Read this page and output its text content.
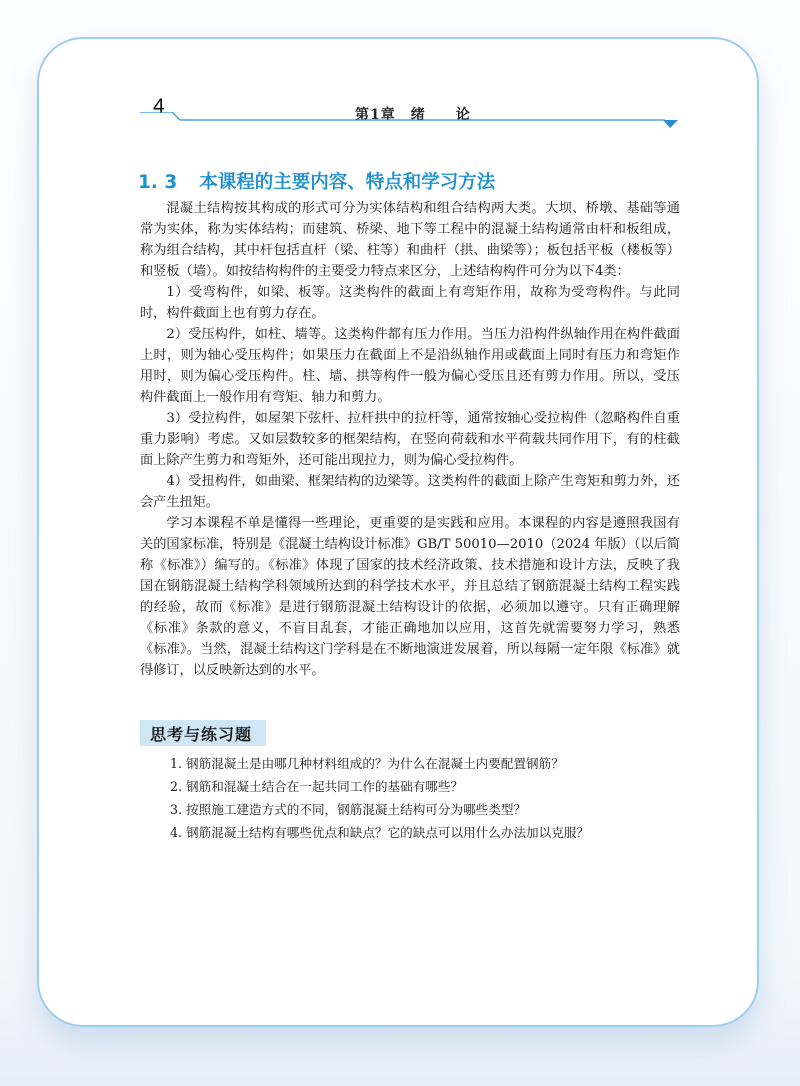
4	第1章　绪　　论
1. 3 本课程的主要内容、特点和学习方法

混凝土结构按其构成的形式可分为实体结构和组合结构两大类。大坝、桥墩、基础等通常为实体，称为实体结构；而建筑、桥梁、地下等工程中的混凝土结构通常由杆和板组成，称为组合结构，其中杆包括直杆（梁、柱等）和曲杆（拱、曲梁等）；板包括平板（楼板等）和竖板（墙）。如按结构构件的主要受力特点来区分，上述结构构件可分为以下4类：

1）受弯构件，如梁、板等。这类构件的截面上有弯矩作用，故称为受弯构件。与此同时，构件截面上也有剪力存在。

2）受压构件，如柱、墙等。这类构件都有压力作用。当压力沿构件纵轴作用在构件截面上时，则为轴心受压构件；如果压力在截面上不是沿纵轴作用或截面上同时有压力和弯矩作用时，则为偏心受压构件。柱、墙、拱等构件一般为偏心受压且还有剪力作用。所以，受压构件截面上一般作用有弯矩、轴力和剪力。

3）受拉构件，如屋架下弦杆、拉杆拱中的拉杆等，通常按轴心受拉构件（忽略构件自重重力影响）考虑。又如层数较多的框架结构，在竖向荷载和水平荷载共同作用下，有的柱截面上除产生剪力和弯矩外，还可能出现拉力，则为偏心受拉构件。

4）受扭构件，如曲梁、框架结构的边梁等。这类构件的截面上除产生弯矩和剪力外，还会产生扭矩。

学习本课程不单是懂得一些理论，更重要的是实践和应用。本课程的内容是遵照我国有关的国家标准，特别是《混凝土结构设计标准》GB/T 50010—2010（2024 年版）（以后简称《标准》）编写的。《标准》体现了国家的技术经济政策、技术措施和设计方法，反映了我国在钢筋混凝土结构学科领域所达到的科学技术水平，并且总结了钢筋混凝土结构工程实践的经验，故而《标准》是进行钢筋混凝土结构设计的依据，必须加以遵守。只有正确理解《标准》条款的意义，不盲目乱套，才能正确地加以应用，这首先就需要努力学习，熟悉《标准》。当然，混凝土结构这门学科是在不断地演进发展着，所以每隔一定年限《标准》就得修订，以反映新达到的水平。

思考与练习题
1. 钢筋混凝土是由哪几种材料组成的？为什么在混凝土内要配置钢筋？
2. 钢筋和混凝土结合在一起共同工作的基础有哪些？
3. 按照施工建造方式的不同，钢筋混凝土结构可分为哪些类型？
4. 钢筋混凝土结构有哪些优点和缺点？它的缺点可以用什么办法加以克服？
